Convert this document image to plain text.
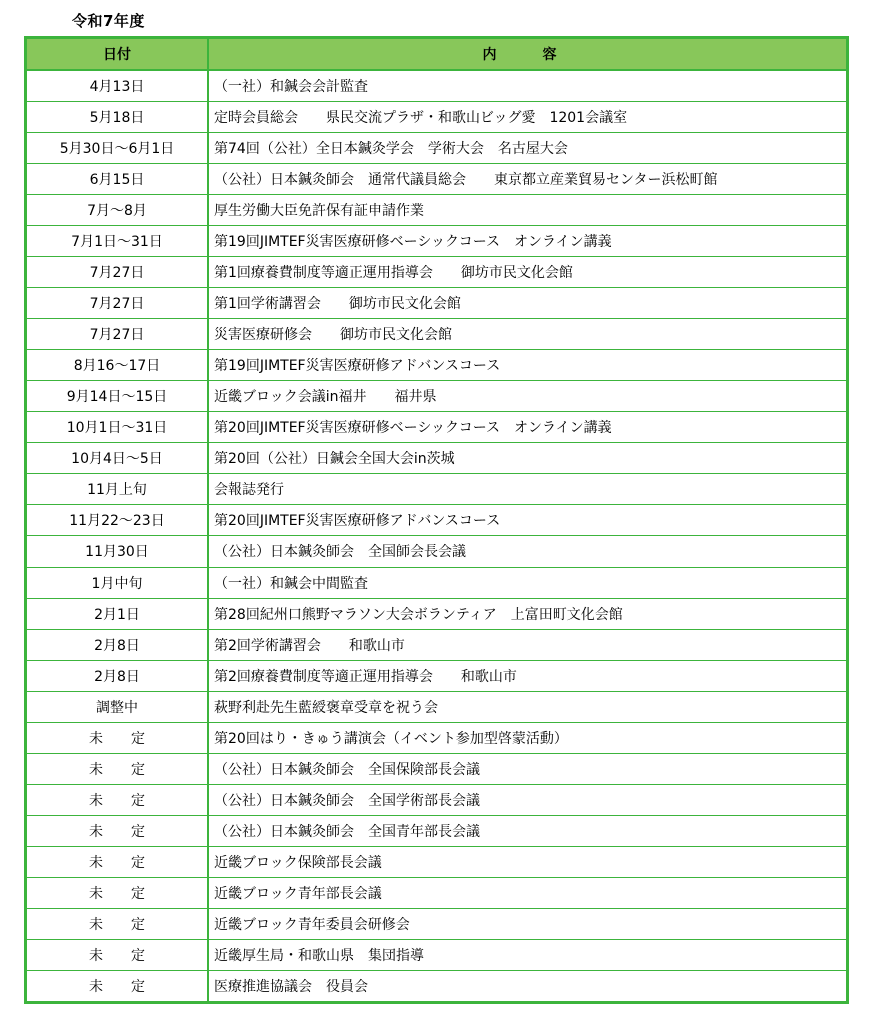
令和7年度
日付	内　容
4月13日	（一社）和鍼会会計監査
5月18日	定時会員総会　　県民交流プラザ・和歌山ビッグ愛　1201会議室
5月30日～6月1日	第74回（公社）全日本鍼灸学会　学術大会　名古屋大会
6月15日	（公社）日本鍼灸師会　通常代議員総会　　東京都立産業貿易センター浜松町館
7月～8月	厚生労働大臣免許保有証申請作業
7月1日～31日	第19回JIMTEF災害医療研修ベーシックコース　オンライン講義
7月27日	第1回療養費制度等適正運用指導会　　御坊市民文化会館
7月27日	第1回学術講習会　　御坊市民文化会館
7月27日	災害医療研修会　　御坊市民文化会館
8月16～17日	第19回JIMTEF災害医療研修アドバンスコース
9月14日～15日	近畿ブロック会議in福井　　福井県
10月1日～31日	第20回JIMTEF災害医療研修ベーシックコース　オンライン講義
10月4日～5日	第20回（公社）日鍼会全国大会in茨城
11月上旬	会報誌発行
11月22～23日	第20回JIMTEF災害医療研修アドバンスコース
11月30日	（公社）日本鍼灸師会　全国師会長会議
1月中旬	（一社）和鍼会中間監査
2月1日	第28回紀州口熊野マラソン大会ボランティア　上富田町文化会館
2月8日	第2回学術講習会　　和歌山市
2月8日	第2回療養費制度等適正運用指導会　　和歌山市
調整中	萩野利赴先生藍綬褒章受章を祝う会
未　　定	第20回はり・きゅう講演会（イベント参加型啓蒙活動）
未　　定	（公社）日本鍼灸師会　全国保険部長会議
未　　定	（公社）日本鍼灸師会　全国学術部長会議
未　　定	（公社）日本鍼灸師会　全国青年部長会議
未　　定	近畿ブロック保険部長会議
未　　定	近畿ブロック青年部長会議
未　　定	近畿ブロック青年委員会研修会
未　　定	近畿厚生局・和歌山県　集団指導
未　　定	医療推進協議会　役員会
